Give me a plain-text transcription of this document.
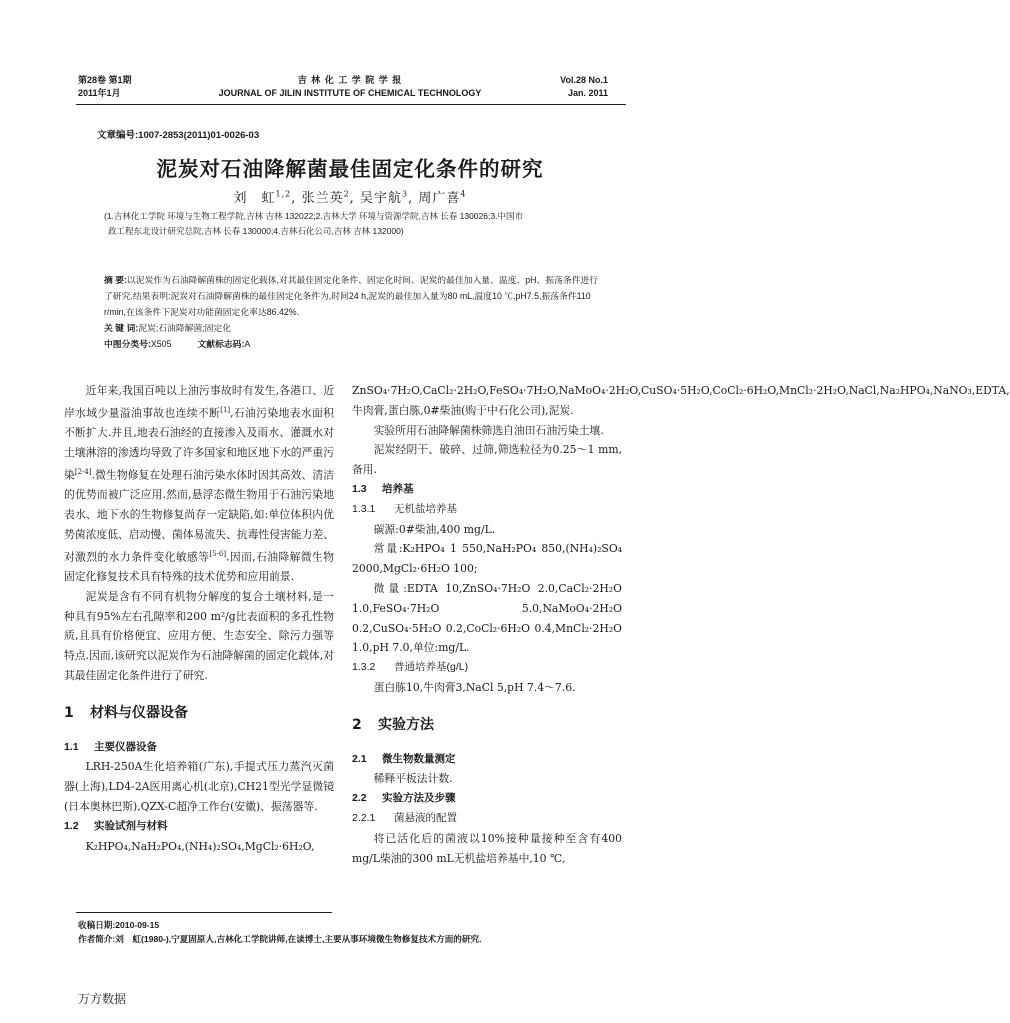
第28卷 第1期
2011年1月
吉 林 化 工 学 院 学 报
JOURNAL OF JILIN INSTITUTE OF CHEMICAL TECHNOLOGY
Vol.28 No.1
Jan. 2011
文章编号:1007-2853(2011)01-0026-03
泥炭对石油降解菌最佳固定化条件的研究
刘　虹$^{1,2}$, 张兰英$^2$, 吴宇航$^3$, 周广喜$^4$
(1.吉林化工学院 环境与生物工程学院,吉林 吉林 132022;2.吉林大学 环境与资源学院,吉林 长春 130026;3.中国市
政工程东北设计研究总院,吉林 长春 130000;4.吉林石化公司,吉林 吉林 132000)

摘 要:以泥炭作为石油降解菌株的固定化载体,对其最佳固定化条件、固定化时间、泥炭的最佳加入量、温度、pH、振荡条件进行了研究.结果表明:泥炭对石油降解菌株的最佳固定化条件为,时间24 h,泥炭的最佳加入量为80 mL,温度10 ℃,pH7.5,振荡条件110 r/min,在该条件下泥炭对功能菌固定化率达86.42%.

关 键 词:泥炭;石油降解菌;固定化

中图分类号:X505	文献标志码:A

近年来,我国百吨以上油污事故时有发生,各港口、近岸水域少量溢油事故也连续不断[1],石油污染地表水面积不断扩大.并且,地表石油经的直接渗入及雨水、灌溉水对土壤淋溶的渗透均导致了许多国家和地区地下水的严重污染[2-4].微生物修复在处理石油污染水体时因其高效、清洁的优势而被广泛应用.然而,悬浮态微生物用于石油污染地表水、地下水的生物修复尚存一定缺陷,如:单位体积内优势菌浓度低、启动慢、菌体易流失、抗毒性侵害能力差、对激烈的水力条件变化敏感等[5-6].因而,石油降解微生物固定化修复技术具有特殊的技术优势和应用前景.

泥炭是含有不同有机物分解度的复合土壤材料,是一种具有95%左右孔隙率和200 m²/g比表面积的多孔性物质,且具有价格便宜、应用方便、生态安全、除污力强等特点.因而,该研究以泥炭作为石油降解菌的固定化载体,对其最佳固定化条件进行了研究.

1 材料与仪器设备
1.1 主要仪器设备

LRH-250A生化培养箱(广东),手提式压力蒸汽灭菌器(上海),LD4-2A医用离心机(北京),CH21型光学显微镜(日本奥林巴斯),QZX-C超净工作台(安徽)、振荡器等.

1.2 实验试剂与材料

K₂HPO₄,NaH₂PO₄,(NH₄)₂SO₄,MgCl₂·6H₂O,

ZnSO₄·7H₂O,CaCl₂·2H₂O,FeSO₄·7H₂O,NaMoO₄·2H₂O,CuSO₄·5H₂O,CoCl₂·6H₂O,MnCl₂·2H₂O,NaCl,Na₂HPO₄,NaNO₃,EDTA,牛肉膏,蛋白胨,0#柴油(购于中石化公司),泥炭.

实验所用石油降解菌株筛选自油田石油污染土壤.

泥炭经阴干、破碎、过筛,筛选粒径为0.25～1 mm,备用.

1.3 培养基
1.3.1 无机盐培养基

碳源:0#柴油,400 mg/L.

常量:K₂HPO₄ 1 550,NaH₂PO₄ 850,(NH₄)₂SO₄ 2000,MgCl₂·6H₂O 100;

微量:EDTA 10,ZnSO₄·7H₂O 2.0,CaCl₂·2H₂O 1.0,FeSO₄·7H₂O 5.0,NaMoO₄·2H₂O 0.2,CuSO₄·5H₂O 0.2,CoCl₂·6H₂O 0.4,MnCl₂·2H₂O 1.0,pH 7.0,单位:mg/L.

1.3.2 普通培养基(g/L)

蛋白胨10,牛肉膏3,NaCl 5,pH 7.4～7.6.

2 实验方法
2.1 微生物数量测定

稀释平板法计数.

2.2 实验方法及步骤
2.2.1 菌悬液的配置

将已活化后的菌液以10%接种量接种至含有400 mg/L柴油的300 mL无机盐培养基中,10 ℃,

收稿日期:2010-09-15
作者简介:刘　虹(1980-),宁夏固原人,吉林化工学院讲师,在读博士,主要从事环境微生物修复技术方面的研究.
万方数据
